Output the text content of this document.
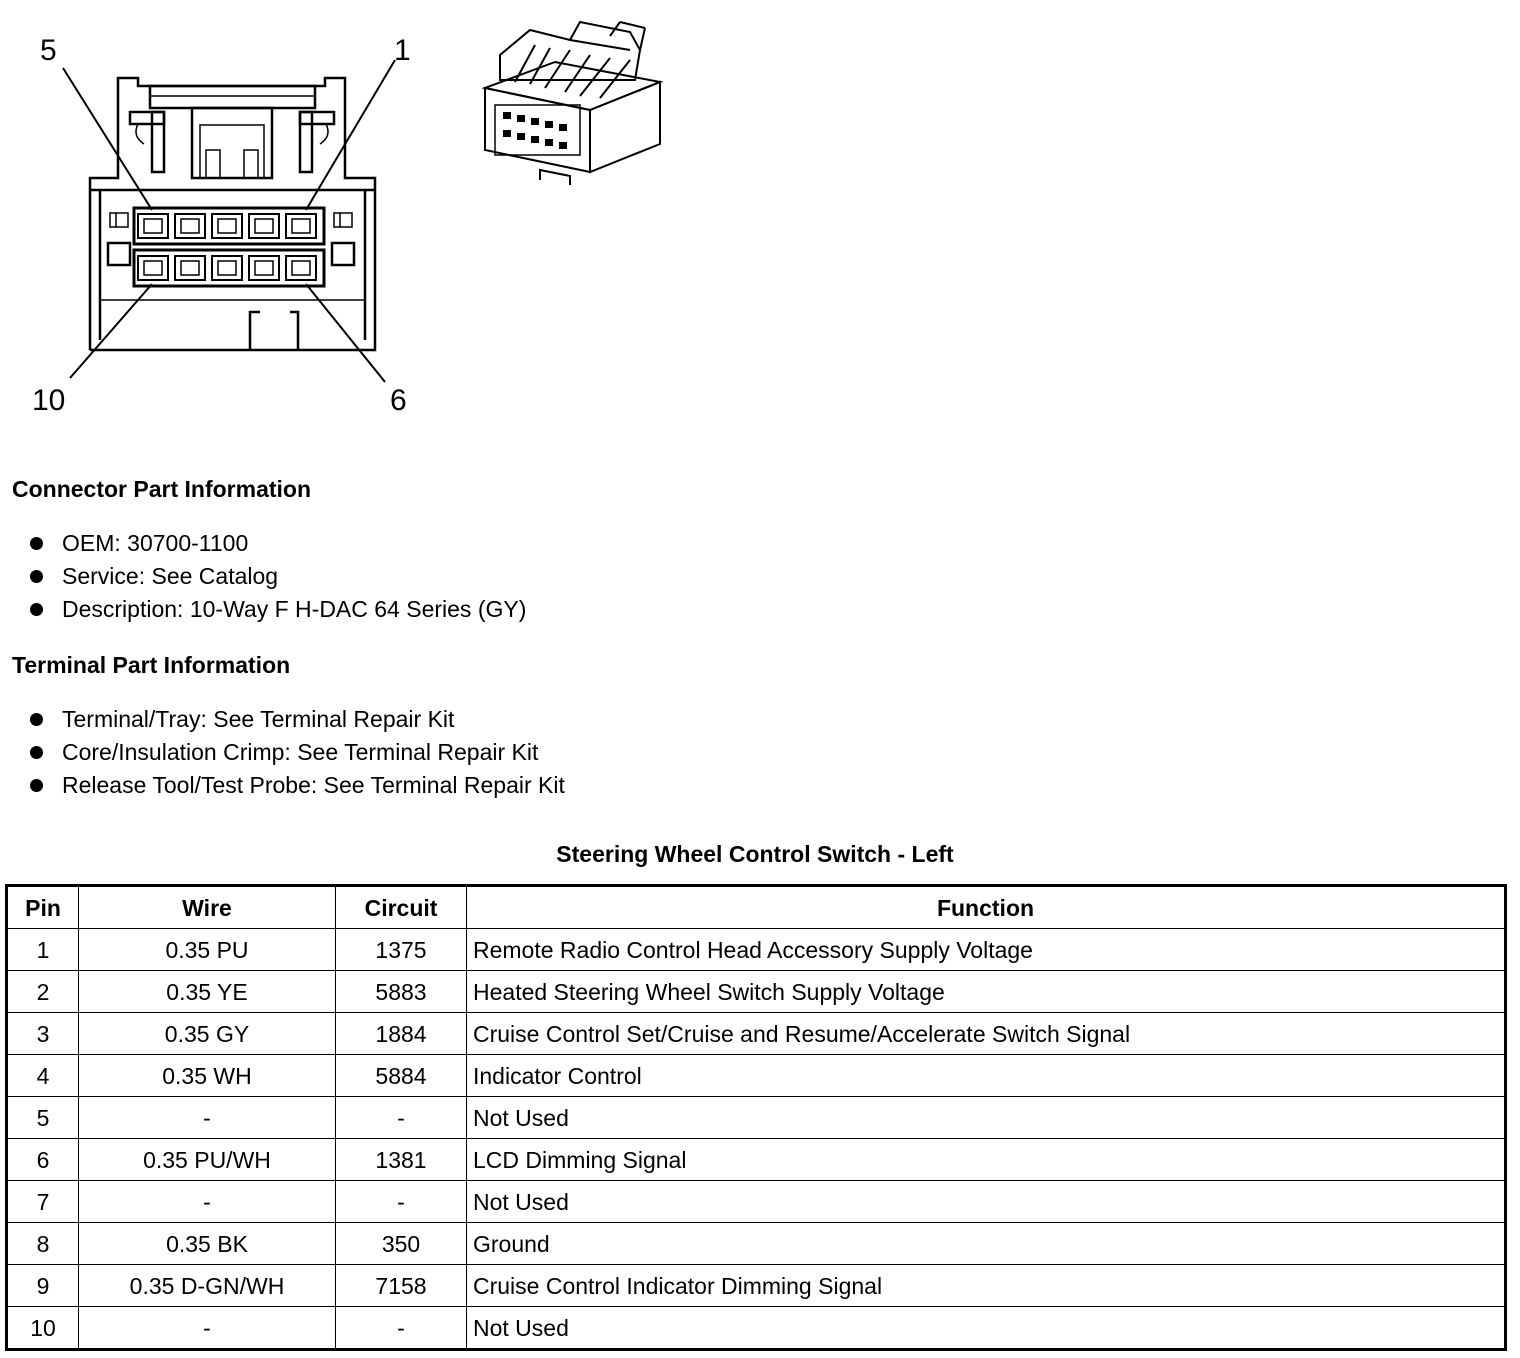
5	1
10	6
Connector Part Information
OEM: 30700-1100
Service: See Catalog
Description: 10-Way F H-DAC 64 Series (GY)
Terminal Part Information
Terminal/Tray: See Terminal Repair Kit
Core/Insulation Crimp: See Terminal Repair Kit
Release Tool/Test Probe: See Terminal Repair Kit
Steering Wheel Control Switch - Left
Pin	Wire	Circuit	Function
1	0.35 PU	1375	Remote Radio Control Head Accessory Supply Voltage
2	0.35 YE	5883	Heated Steering Wheel Switch Supply Voltage
3	0.35 GY	1884	Cruise Control Set/Cruise and Resume/Accelerate Switch Signal
4	0.35 WH	5884	Indicator Control
5	-	-	Not Used
6	0.35 PU/WH	1381	LCD Dimming Signal
7	-	-	Not Used
8	0.35 BK	350	Ground
9	0.35 D-GN/WH	7158	Cruise Control Indicator Dimming Signal
10	-	-	Not Used
